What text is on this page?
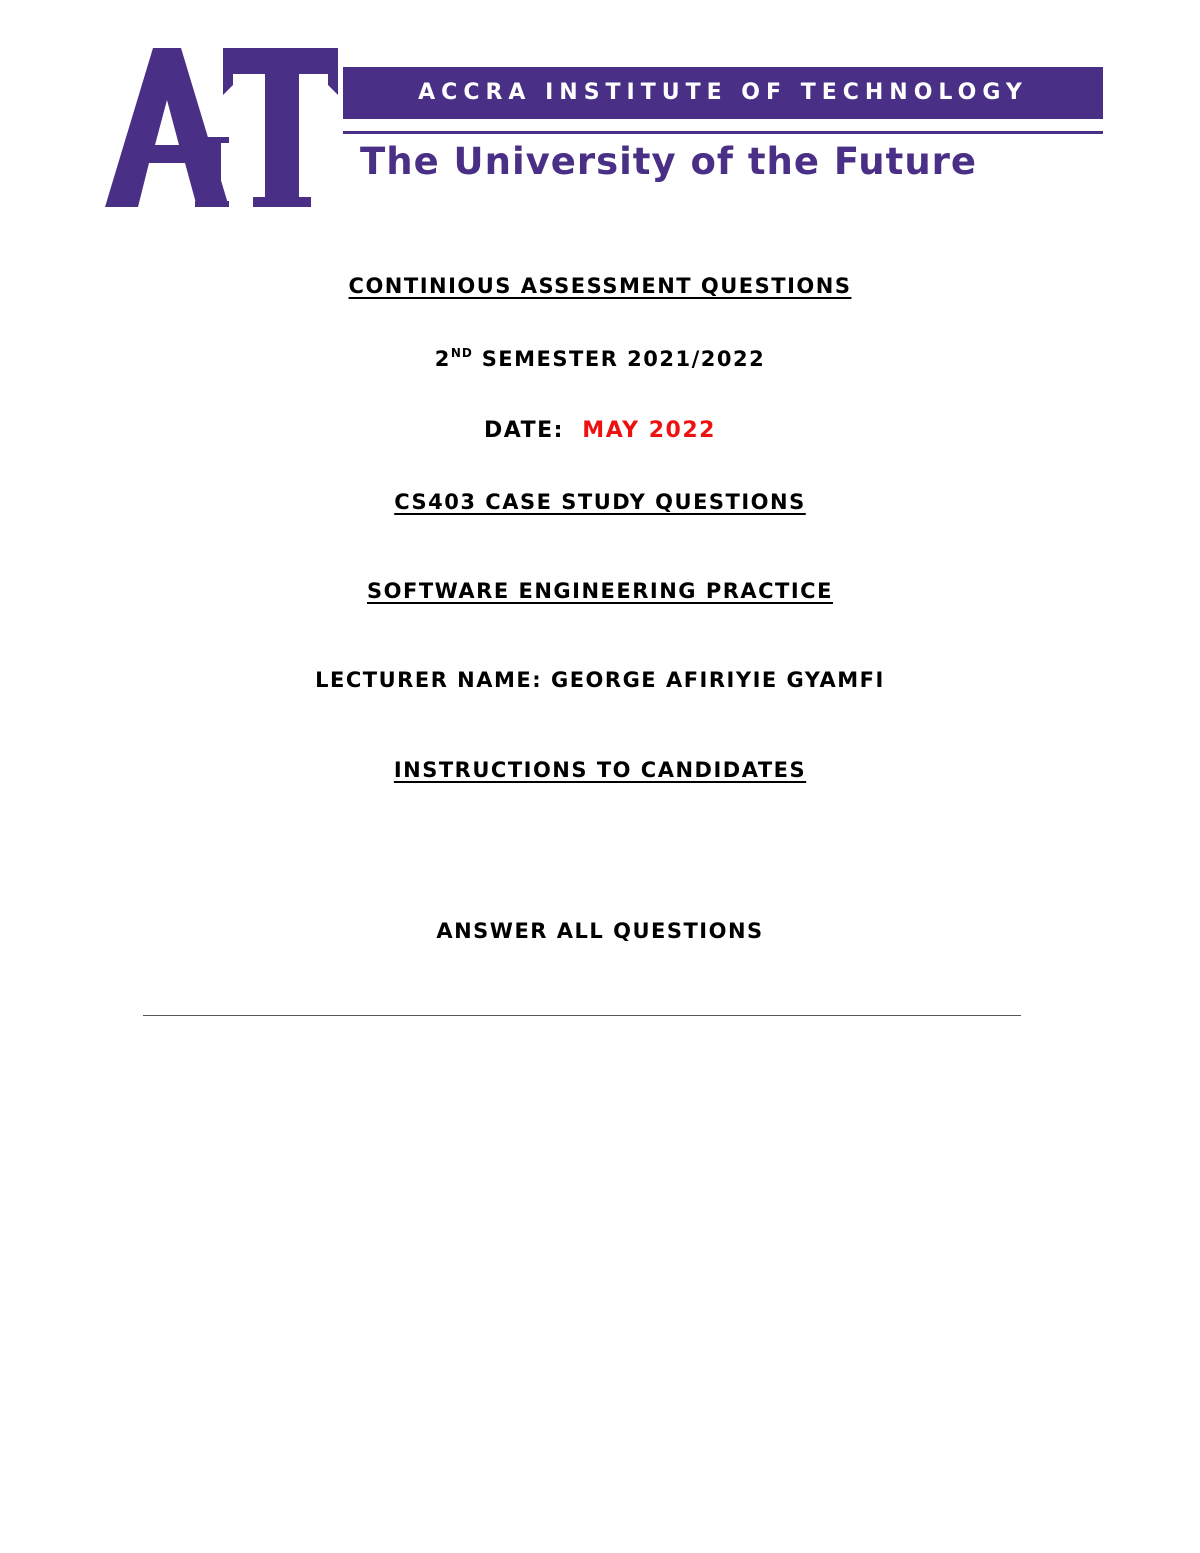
ACCRA INSTITUTE OF TECHNOLOGY
The University of the Future
CONTINIOUS ASSESSMENT QUESTIONS
2ND SEMESTER 2021/2022
DATE: MAY 2022
CS403 CASE STUDY QUESTIONS
SOFTWARE ENGINEERING PRACTICE
LECTURER NAME: GEORGE AFIRIYIE GYAMFI
INSTRUCTIONS TO CANDIDATES
ANSWER ALL QUESTIONS
